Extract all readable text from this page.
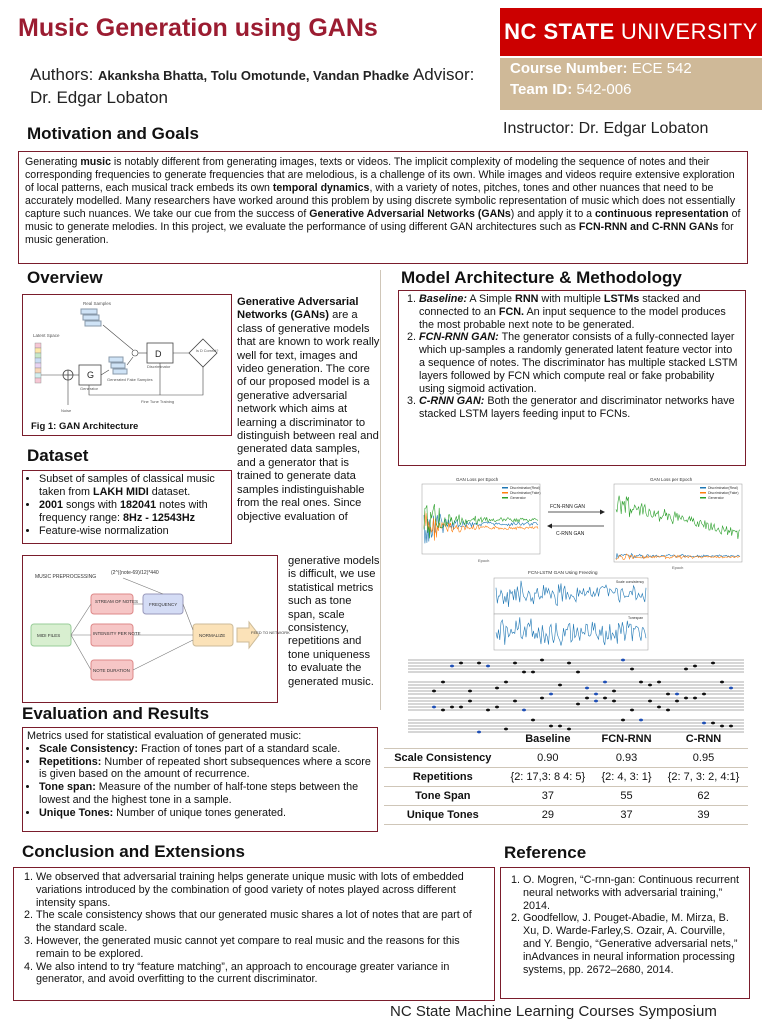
Music Generation using GANs	NC STATE UNIVERSITY
Course Number: ECE 542
Team ID: 542-006
Authors: Akanksha Bhatta, Tolu Omotunde, Vandan Phadke Advisor:
Dr. Edgar Lobaton
Instructor: Dr. Edgar Lobaton
Motivation and Goals
Generating music is notably different from generating images, texts or videos. The implicit complexity of modeling the sequence of notes and their corresponding frequencies to generate frequencies that are melodious, is a challenge of its own. While images and videos require extensive exploration of local patterns, each musical track embeds its own temporal dynamics, with a variety of notes, pitches, tones and other nuances that need to be accurately modelled. Many researchers have worked around this problem by using discrete symbolic representation of music which does not essentially capture such nuances. We take our cue from the success of Generative Adversarial Networks (GANs) and apply it to a continuous representation of music to generate melodies. In this project, we evaluate the performance of using different GAN architectures such as FCN-RNN and C-RNN GANs for music generation.
Overview
Real Samples
Latent Space
G
Generator
Generated Fake Samples
D
Discriminator
Is D Correct?
Fine Tune Training
Noise
Fig 1: GAN Architecture
Generative Adversarial Networks (GANs) are a class of generative models that are known to work really well for text, images and video generation. The core of our proposed model is a generative adversarial network which aims at learning a discriminator to distinguish between real and generated data samples, and a generator that is trained to generate data samples indistinguishable from the real ones. Since objective evaluation of
generative models is difficult, we use statistical metrics such as tone span, scale consistency, repetitions and tone uniqueness to evaluate the generated music.
Dataset
• Subset of samples of classical music taken from LAKH MIDI dataset.
• 2001 songs with 182041 notes with frequency range: 8Hz - 12543Hz
• Feature-wise normalization
MUSIC PREPROCESSING
(2^((note-69)/12)*440
MIDI FILES
STREAM OF NOTES
FREQUENCY
INTENSITY PER NOTE
NOTE DURATION
NORMALIZE
FEED TO NETWORK
Model Architecture & Methodology
1. Baseline: A Simple RNN with multiple LSTMs stacked and connected to an FCN. An input sequence to the model produces the most probable next note to be generated.
2. FCN-RNN GAN: The generator consists of a fully-connected layer which up-samples a randomly generated latent feature vector into a sequence of notes. The discriminator has multiple stacked LSTM layers followed by FCN which compute real or fake probability using sigmoid activation.
3. C-RNN GAN: Both the generator and discriminator networks have stacked LSTM layers feeding input to FCNs.
GAN Loss per Epoch
Epoch
Discriminator(Real)
Discriminator(Fake)
Generator
FCN-RNN GAN
C-RNN GAN
GAN Loss per Epoch
Epoch
Discriminator(Real)
Discriminator(Fake)
Generator
FCN-LSTM GAN Using Freezing
Scale consistency
Tonespan
Evaluation and Results
Metrics used for statistical evaluation of generated music:
• Scale Consistency: Fraction of tones part of a standard scale.
• Repetitions: Number of repeated short subsequences where a score is given based on the amount of recurrence.
• Tone span: Measure of the number of half-tone steps between the lowest and the highest tone in a sample.
• Unique Tones: Number of unique tones generated.
	Baseline	FCN-RNN	C-RNN
Scale Consistency	0.90	0.93	0.95
Repetitions	{2: 17,3: 8 4: 5}	{2: 4, 3: 1}	{2: 7, 3: 2, 4:1}
Tone Span	37	55	62
Unique Tones	29	37	39
Conclusion and Extensions
1. We observed that adversarial training helps generate unique music with lots of embedded variations introduced by the combination of good variety of notes played across different intensity spans.
2. The scale consistency shows that our generated music shares a lot of notes that are part of the standard scale.
3. However, the generated music cannot yet compare to real music and the reasons for this remain to be explored.
4. We also intend to try “feature matching”, an approach to encourage greater variance in generator, and avoid overfitting to the current discriminator.
Reference
1. O. Mogren, “C-rnn-gan: Continuous recurrent neural networks with adversarial training,” 2014.
2. Goodfellow, J. Pouget-Abadie, M. Mirza, B. Xu, D. Warde-Farley,S. Ozair, A. Courville, and Y. Bengio, “Generative adversarial nets,” inAdvances in neural information processing systems, pp. 2672–2680, 2014.
NC State Machine Learning Courses Symposium
